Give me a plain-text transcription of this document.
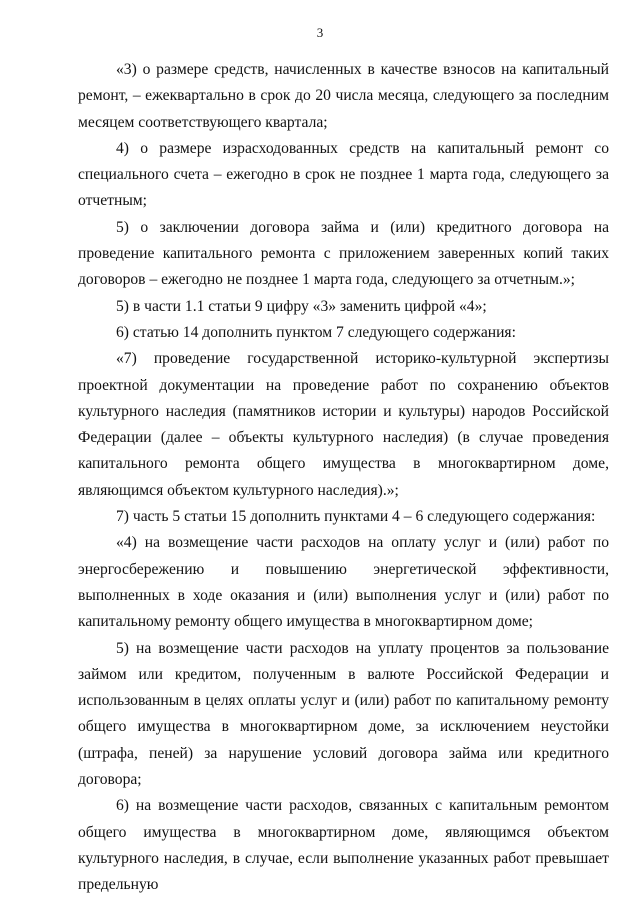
3

«3) о размере средств, начисленных в качестве взносов на капитальный ремонт, – ежеквартально в срок до 20 числа месяца, следующего за последним месяцем соответствующего квартала;

4) о размере израсходованных средств на капитальный ремонт со специального счета – ежегодно в срок не позднее 1 марта года, следующего за отчетным;

5) о заключении договора займа и (или) кредитного договора на проведение капитального ремонта с приложением заверенных копий таких договоров – ежегодно не позднее 1 марта года, следующего за отчетным.»;

5) в части 1.1 статьи 9 цифру «3» заменить цифрой «4»;

6) статью 14 дополнить пунктом 7 следующего содержания:

«7) проведение государственной историко-культурной экспертизы проектной документации на проведение работ по сохранению объектов культурного наследия (памятников истории и культуры) народов Российской Федерации (далее – объекты культурного наследия) (в случае проведения капитального ремонта общего имущества в многоквартирном доме, являющимся объектом культурного наследия).»;

7) часть 5 статьи 15 дополнить пунктами 4 – 6 следующего содержания:

«4) на возмещение части расходов на оплату услуг и (или) работ по энергосбережению и повышению энергетической эффективности, выполненных в ходе оказания и (или) выполнения услуг и (или) работ по капитальному ремонту общего имущества в многоквартирном доме;

5) на возмещение части расходов на уплату процентов за пользование займом или кредитом, полученным в валюте Российской Федерации и использованным в целях оплаты услуг и (или) работ по капитальному ремонту общего имущества в многоквартирном доме, за исключением неустойки (штрафа, пеней) за нарушение условий договора займа или кредитного договора;

6) на возмещение части расходов, связанных с капитальным ремонтом общего имущества в многоквартирном доме, являющимся объектом культурного наследия, в случае, если выполнение указанных работ превышает предельную
